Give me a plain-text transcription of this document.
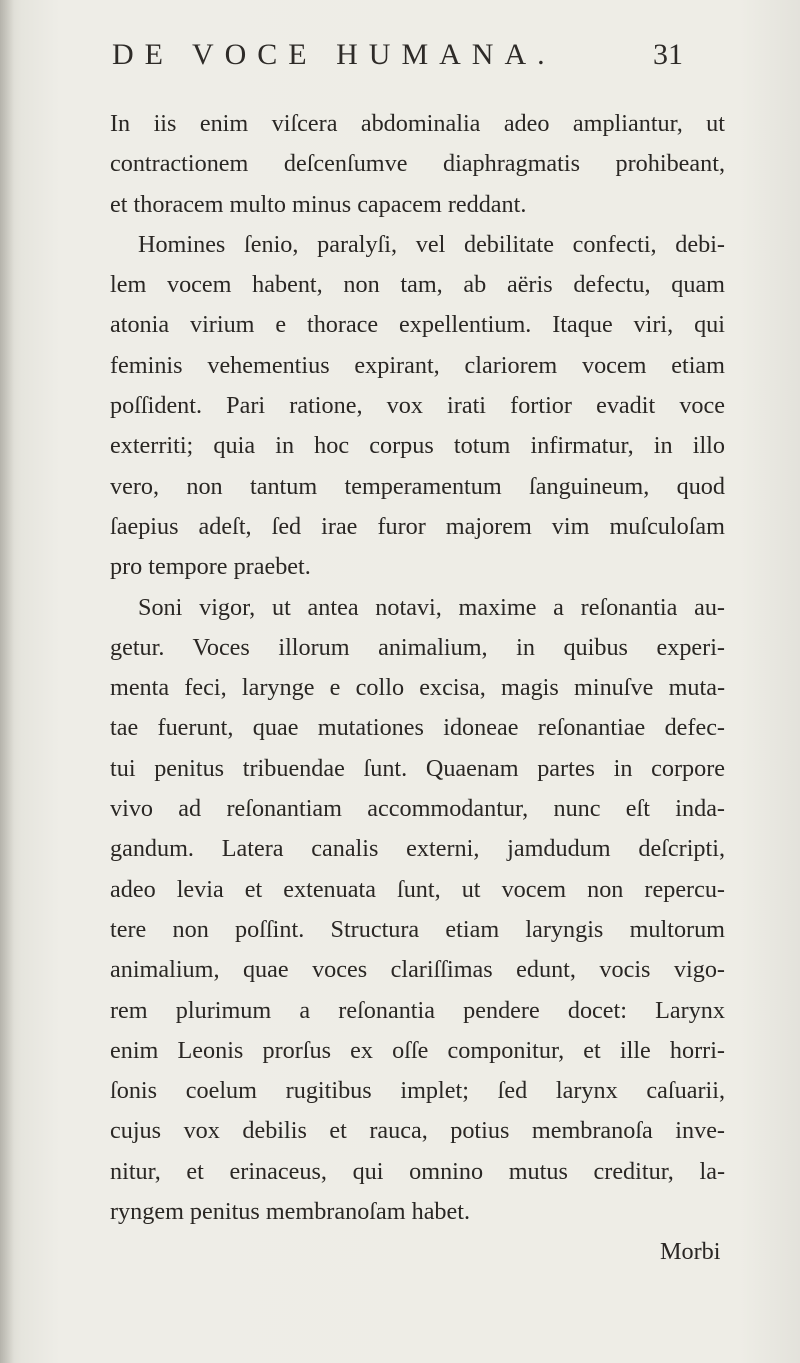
DE VOCE HUMANA.	31
In iis enim viſcera abdominalia adeo ampliantur, ut
contractionem deſcenſumve diaphragmatis prohibeant,
et thoracem multo minus capacem reddant.
Homines ſenio, paralyſi, vel debilitate confecti, debi-
lem vocem habent, non tam, ab aëris defectu, quam
atonia virium e thorace expellentium. Itaque viri, qui
feminis vehementius expirant, clariorem vocem etiam
poſſident. Pari ratione, vox irati fortior evadit voce
exterriti; quia in hoc corpus totum infirmatur, in illo
vero, non tantum temperamentum ſanguineum, quod
ſaepius adeſt, ſed irae furor majorem vim muſculoſam
pro tempore praebet.
Soni vigor, ut antea notavi, maxime a reſonantia au-
getur. Voces illorum animalium, in quibus experi-
menta feci, larynge e collo excisa, magis minuſve muta-
tae fuerunt, quae mutationes idoneae reſonantiae defec-
tui penitus tribuendae ſunt. Quaenam partes in corpore
vivo ad reſonantiam accommodantur, nunc eſt inda-
gandum. Latera canalis externi, jamdudum deſcripti,
adeo levia et extenuata ſunt, ut vocem non repercu-
tere non poſſint. Structura etiam laryngis multorum
animalium, quae voces clariſſimas edunt, vocis vigo-
rem plurimum a reſonantia pendere docet: Larynx
enim Leonis prorſus ex oſſe componitur, et ille horri-
ſonis coelum rugitibus implet; ſed larynx caſuarii,
cujus vox debilis et rauca, potius membranoſa inve-
nitur, et erinaceus, qui omnino mutus creditur, la-
ryngem penitus membranoſam habet.
Morbi
